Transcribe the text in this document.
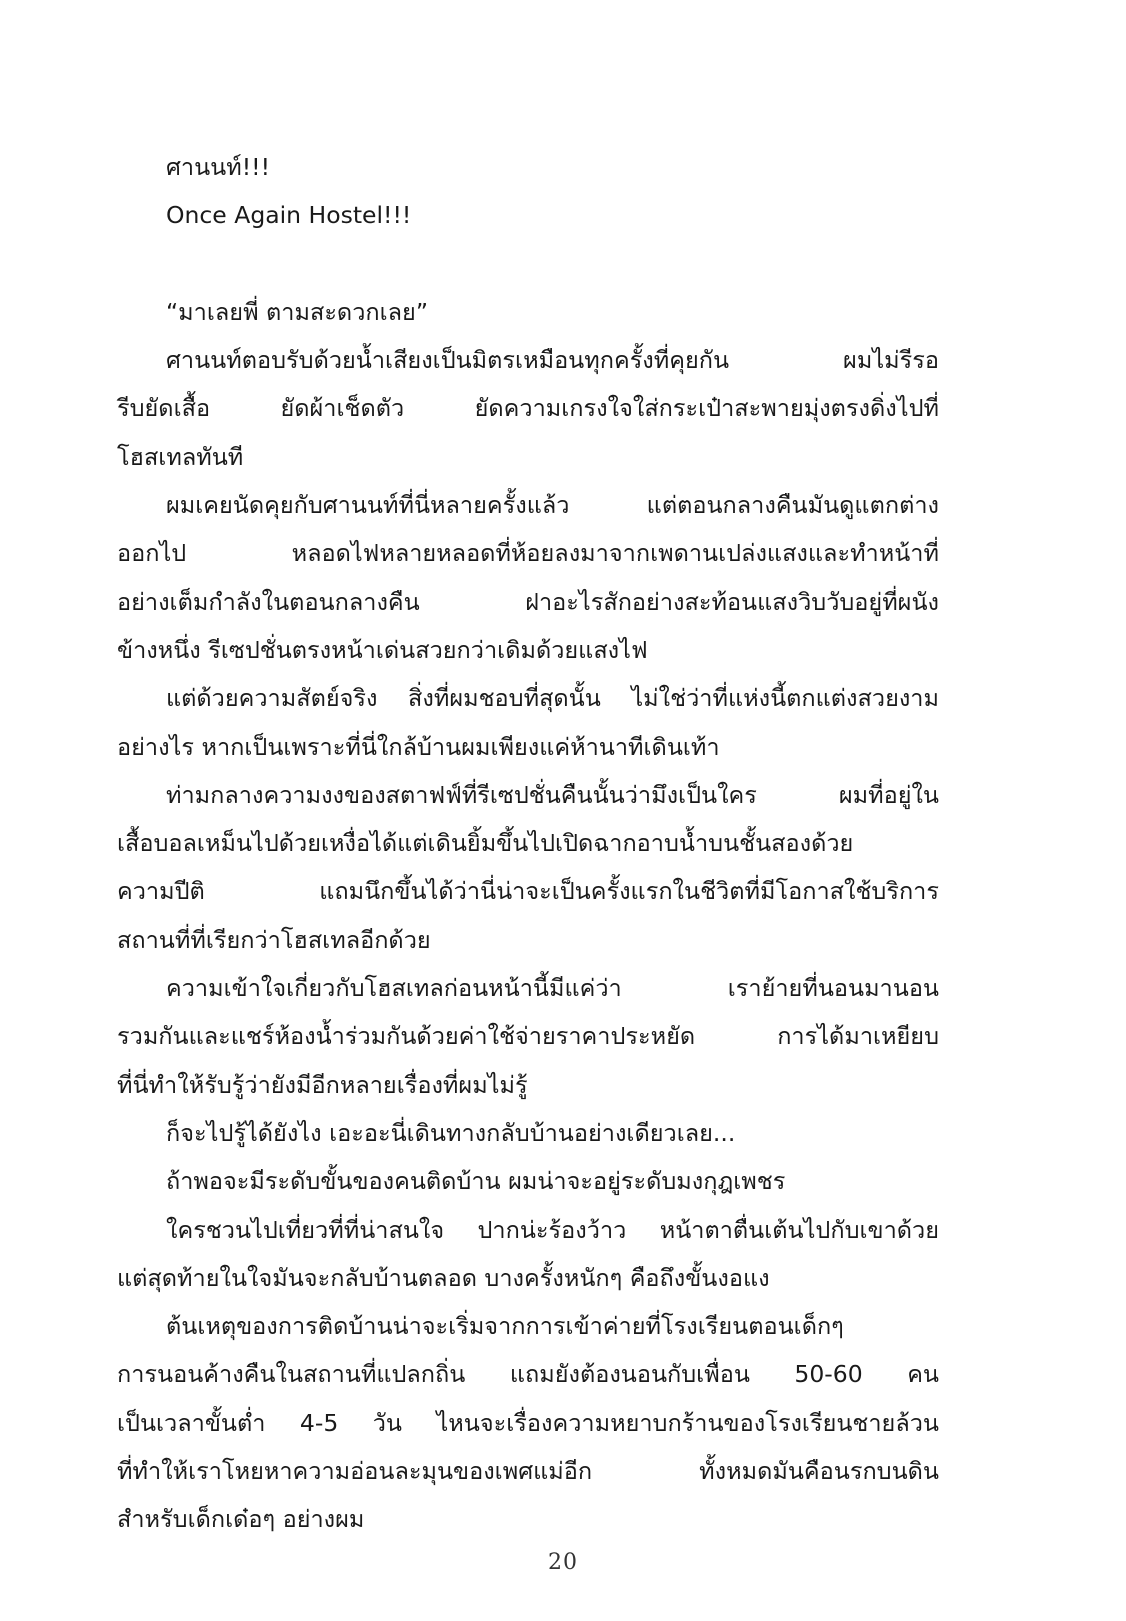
ศานนท์!!!
Once Again Hostel!!!
“มาเลยพี่ ตามสะดวกเลย”
ศานนท์ตอบรับด้วยน้ำเสียงเป็นมิตรเหมือนทุกครั้งที่คุยกัน ผมไม่รีรอ
รีบยัดเสื้อ ยัดผ้าเช็ดตัว ยัดความเกรงใจใส่กระเป๋าสะพายมุ่งตรงดิ่งไปที่
โฮสเทลทันที
ผมเคยนัดคุยกับศานนท์ที่นี่หลายครั้งแล้ว แต่ตอนกลางคืนมันดูแตกต่าง
ออกไป หลอดไฟหลายหลอดที่ห้อยลงมาจากเพดานเปล่งแสงและทำหน้าที่
อย่างเต็มกำลังในตอนกลางคืน ฝาอะไรสักอย่างสะท้อนแสงวิบวับอยู่ที่ผนัง
ข้างหนึ่ง รีเซปชั่นตรงหน้าเด่นสวยกว่าเดิมด้วยแสงไฟ
แต่ด้วยความสัตย์จริง สิ่งที่ผมชอบที่สุดนั้น ไม่ใช่ว่าที่แห่งนี้ตกแต่งสวยงาม
อย่างไร หากเป็นเพราะที่นี่ใกล้บ้านผมเพียงแค่ห้านาทีเดินเท้า
ท่ามกลางความงงของสตาฟฟ์ที่รีเซปชั่นคืนนั้นว่ามึงเป็นใคร ผมที่อยู่ใน
เสื้อบอลเหม็นไปด้วยเหงื่อได้แต่เดินยิ้มขึ้นไปเปิดฉากอาบน้ำบนชั้นสองด้วย
ความปีติ แถมนึกขึ้นได้ว่านี่น่าจะเป็นครั้งแรกในชีวิตที่มีโอกาสใช้บริการ
สถานที่ที่เรียกว่าโฮสเทลอีกด้วย
ความเข้าใจเกี่ยวกับโฮสเทลก่อนหน้านี้มีแค่ว่า เราย้ายที่นอนมานอน
รวมกันและแชร์ห้องน้ำร่วมกันด้วยค่าใช้จ่ายราคาประหยัด การได้มาเหยียบ
ที่นี่ทำให้รับรู้ว่ายังมีอีกหลายเรื่องที่ผมไม่รู้
ก็จะไปรู้ได้ยังไง เอะอะนี่เดินทางกลับบ้านอย่างเดียวเลย...
ถ้าพอจะมีระดับขั้นของคนติดบ้าน ผมน่าจะอยู่ระดับมงกุฎเพชร
ใครชวนไปเที่ยวที่ที่น่าสนใจ ปากน่ะร้องว้าว หน้าตาตื่นเต้นไปกับเขาด้วย
แต่สุดท้ายในใจมันจะกลับบ้านตลอด บางครั้งหนักๆ คือถึงขั้นงอแง
ต้นเหตุของการติดบ้านน่าจะเริ่มจากการเข้าค่ายที่โรงเรียนตอนเด็กๆ
การนอนค้างคืนในสถานที่แปลกถิ่น แถมยังต้องนอนกับเพื่อน 50-60 คน
เป็นเวลาขั้นต่ำ 4-5 วัน ไหนจะเรื่องความหยาบกร้านของโรงเรียนชายล้วน
ที่ทำให้เราโหยหาความอ่อนละมุนของเพศแม่อีก ทั้งหมดมันคือนรกบนดิน
สำหรับเด็กเด๋อๆ อย่างผม
20
